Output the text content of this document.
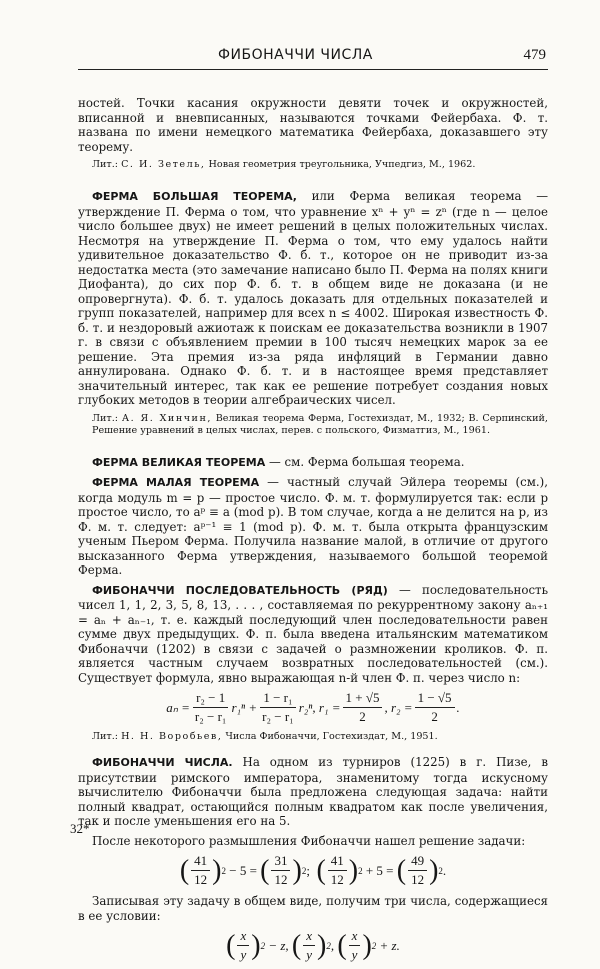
ФИБОНАЧЧИ ЧИСЛА	479

ностей. Точки касания окружности девяти точек и окружностей, вписанной и вневписанных, называются точками Фейербаха. Ф. т. названа по имени немецкого математика Фейербаха, доказавшего эту теорему.

Лит.: С. И. Зетель, Новая геометрия треугольника, Учпедгиз, М., 1962.

ФЕРМА БОЛЬШАЯ ТЕОРЕМА, или Ферма великая теорема — утверждение П. Ферма о том, что уравнение xⁿ + yⁿ = zⁿ (где n — целое число большее двух) не имеет решений в целых положительных числах. Несмотря на утверждение П. Ферма о том, что ему удалось найти удивительное доказательство Ф. б. т., которое он не приводит из-за недостатка места (это замечание написано было П. Ферма на полях книги Диофанта), до сих пор Ф. б. т. в общем виде не доказана (и не опровергнута). Ф. б. т. удалось доказать для отдельных показателей и групп показателей, например для всех n ≤ 4002. Широкая известность Ф. б. т. и нездоровый ажиотаж к поискам ее доказательства возникли в 1907 г. в связи с объявлением премии в 100 тысяч немецких марок за ее решение. Эта премия из-за ряда инфляций в Германии давно аннулирована. Однако Ф. б. т. и в настоящее время представляет значительный интерес, так как ее решение потребует создания новых глубоких методов в теории алгебраических чисел.

Лит.: А. Я. Хинчин, Великая теорема Ферма, Гостехиздат, М., 1932; В. Серпинский, Решение уравнений в целых числах, перев. с польского, Физматгиз, М., 1961.

ФЕРМА ВЕЛИКАЯ ТЕОРЕМА — см. Ферма большая теорема.

ФЕРМА МАЛАЯ ТЕОРЕМА — частный случай Эйлера теоремы (см.), когда модуль m = p — простое число. Ф. м. т. формулируется так: если p простое число, то aᵖ ≡ a (mod p). В том случае, когда a не делится на p, из Ф. м. т. следует: aᵖ⁻¹ ≡ 1 (mod p). Ф. м. т. была открыта французским ученым Пьером Ферма. Получила название малой, в отличие от другого высказанного Ферма утверждения, называемого большой теоремой Ферма.

ФИБОНАЧЧИ ПОСЛЕДОВАТЕЛЬНОСТЬ (РЯД) — последовательность чисел 1, 1, 2, 3, 5, 8, 13, . . . , составляемая по рекуррентному закону aₙ₊₁ = aₙ + aₙ₋₁, т. е. каждый последующий член последовательности равен сумме двух предыдущих. Ф. п. была введена итальянским математиком Фибоначчи (1202) в связи с задачей о размножении кроликов. Ф. п. является частным случаем возвратных последовательностей (см.). Существует формула, явно выражающая n-й член Ф. п. через число n:

$a_n = \frac{\text{r₂ − 1}}{\text{r₂ − r₁}} r_1^n + \frac{\text{1 − r₁}}{\text{r₂ − r₁}} r_2^n$, $r_1 = \frac{1 + √5}{2}$ , $r_2 = \frac{1 - √5}{2}$ .

Лит.: Н. Н. Воробьев, Числа Фибоначчи, Гостехиздат, М., 1951.

ФИБОНАЧЧИ ЧИСЛА. На одном из турниров (1225) в г. Пизе, в присутствии римского императора, знаменитому тогда искусному вычислителю Фибоначчи была предложена следующая задача: найти полный квадрат, остающийся полным квадратом как после увеличения, так и после уменьшения его на 5.

После некоторого размышления Фибоначчи нашел решение задачи:

( $\frac{41}{12}$ ) 2
− 5 =
( $\frac{31}{12}$ ) 2 ;
( $\frac{41}{12}$ ) 2
+ 5 =
( $\frac{49}{12}$ ) 2 .

Записывая эту задачу в общем виде, получим три числа, содержащиеся в ее условии:

( $\frac{x}{y}$ ) 2
− z,
( $\frac{x}{y}$ ) 2 ,
( $\frac{x}{y}$ ) 2
+ z.
32*
